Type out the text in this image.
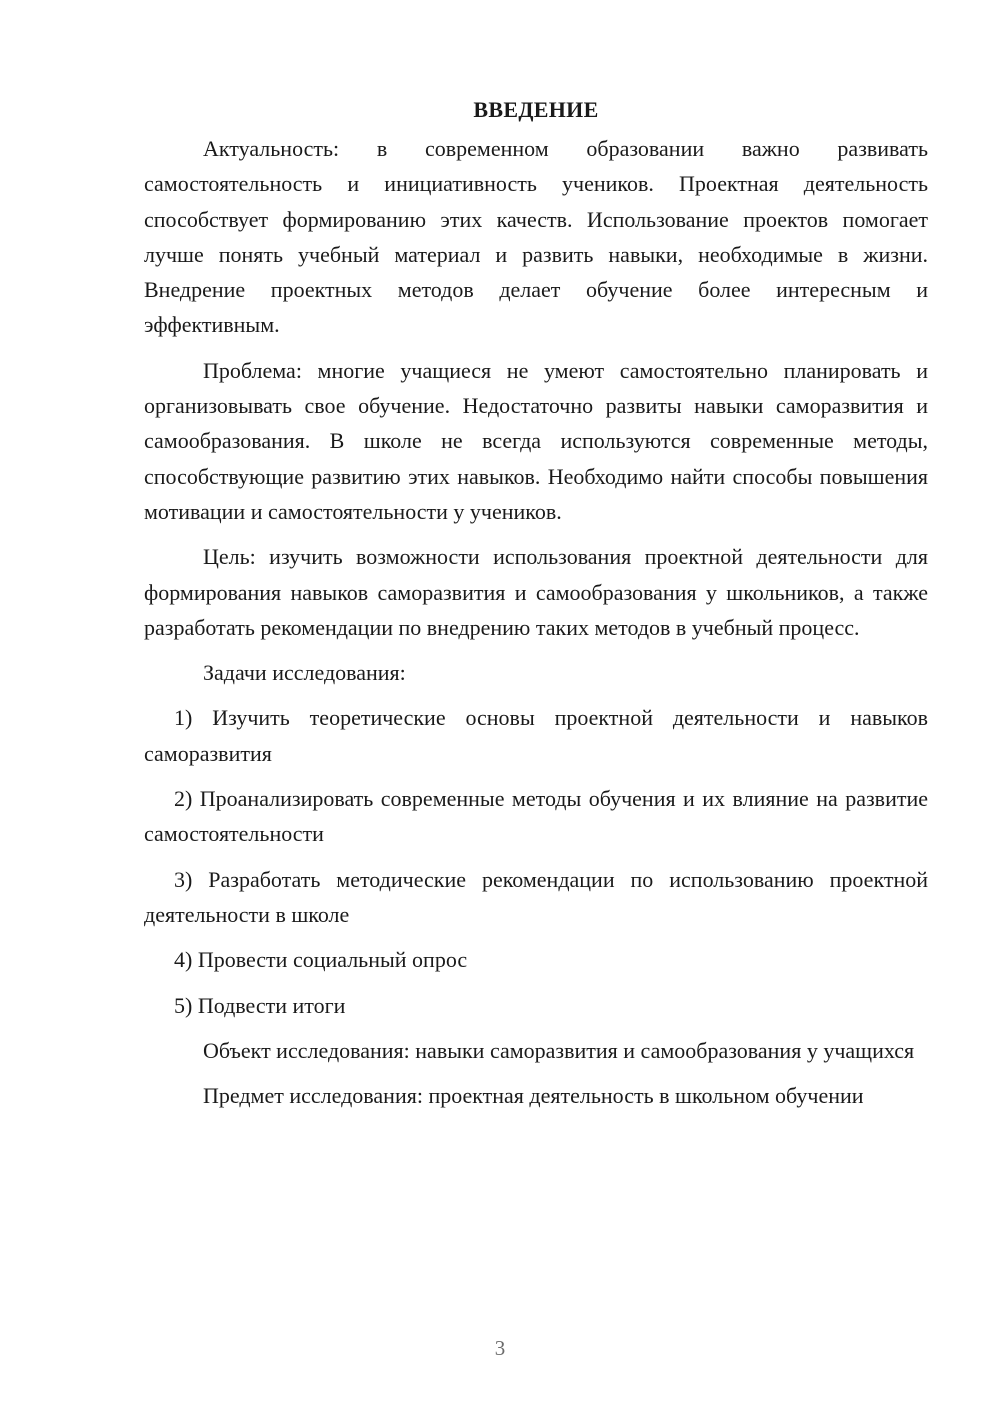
ВВЕДЕНИЕ

Актуальность: в современном образовании важно развивать самостоятельность и инициативность учеников. Проектная деятельность способствует формированию этих качеств. Использование проектов помогает лучше понять учебный материал и развить навыки, необходимые в жизни. Внедрение проектных методов делает обучение более интересным и эффективным.

Проблема: многие учащиеся не умеют самостоятельно планировать и организовывать свое обучение. Недостаточно развиты навыки саморазвития и самообразования. В школе не всегда используются современные методы, способствующие развитию этих навыков. Необходимо найти способы повышения мотивации и самостоятельности у учеников.

Цель: изучить возможности использования проектной деятельности для формирования навыков саморазвития и самообразования у школьников, а также разработать рекомендации по внедрению таких методов в учебный процесс.

Задачи исследования:

1) Изучить теоретические основы проектной деятельности и навыков саморазвития

2) Проанализировать современные методы обучения и их влияние на развитие самостоятельности

3) Разработать методические рекомендации по использованию проектной деятельности в школе

4) Провести социальный опрос

5) Подвести итоги

Объект исследования: навыки саморазвития и самообразования у учащихся

Предмет исследования: проектная деятельность в школьном обучении

3
